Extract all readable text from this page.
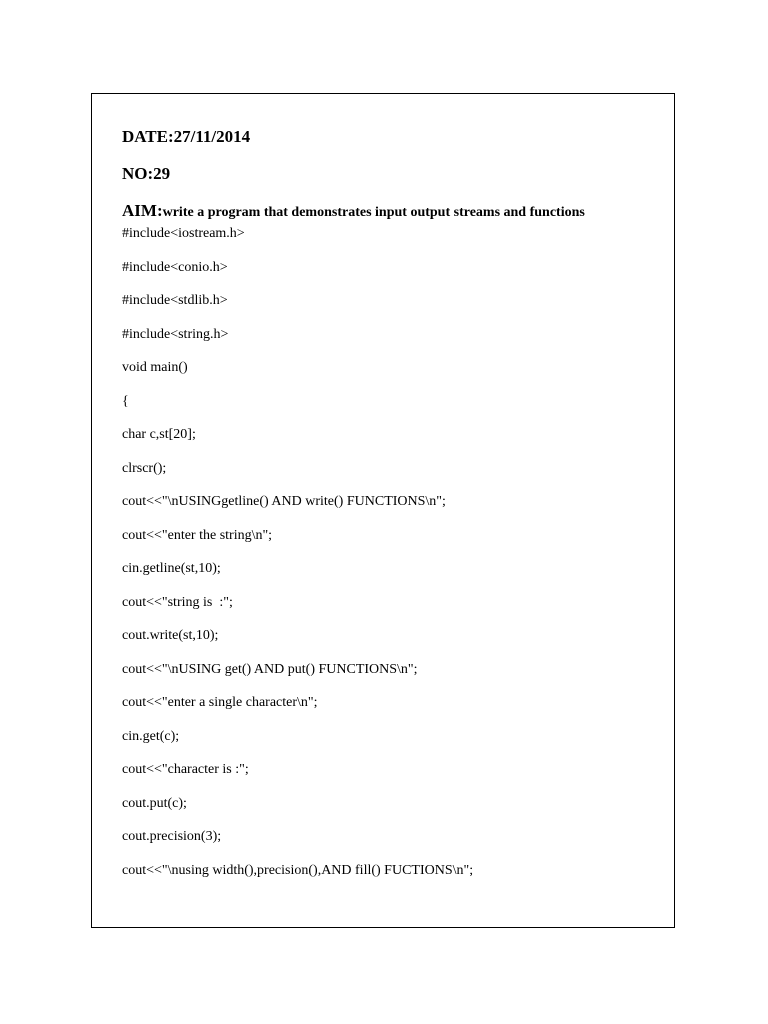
DATE:27/11/2014
NO:29
AIM:write a program that demonstrates input output streams and functions
#include<iostream.h>
#include<conio.h>
#include<stdlib.h>
#include<string.h>
void main()
{
char c,st[20];
clrscr();
cout<<"\nUSINGgetline() AND write() FUNCTIONS\n";
cout<<"enter the string\n";
cin.getline(st,10);
cout<<"string is  :";
cout.write(st,10);
cout<<"\nUSING get() AND put() FUNCTIONS\n";
cout<<"enter a single character\n";
cin.get(c);
cout<<"character is :";
cout.put(c);
cout.precision(3);
cout<<"\nusing width(),precision(),AND fill() FUCTIONS\n";
